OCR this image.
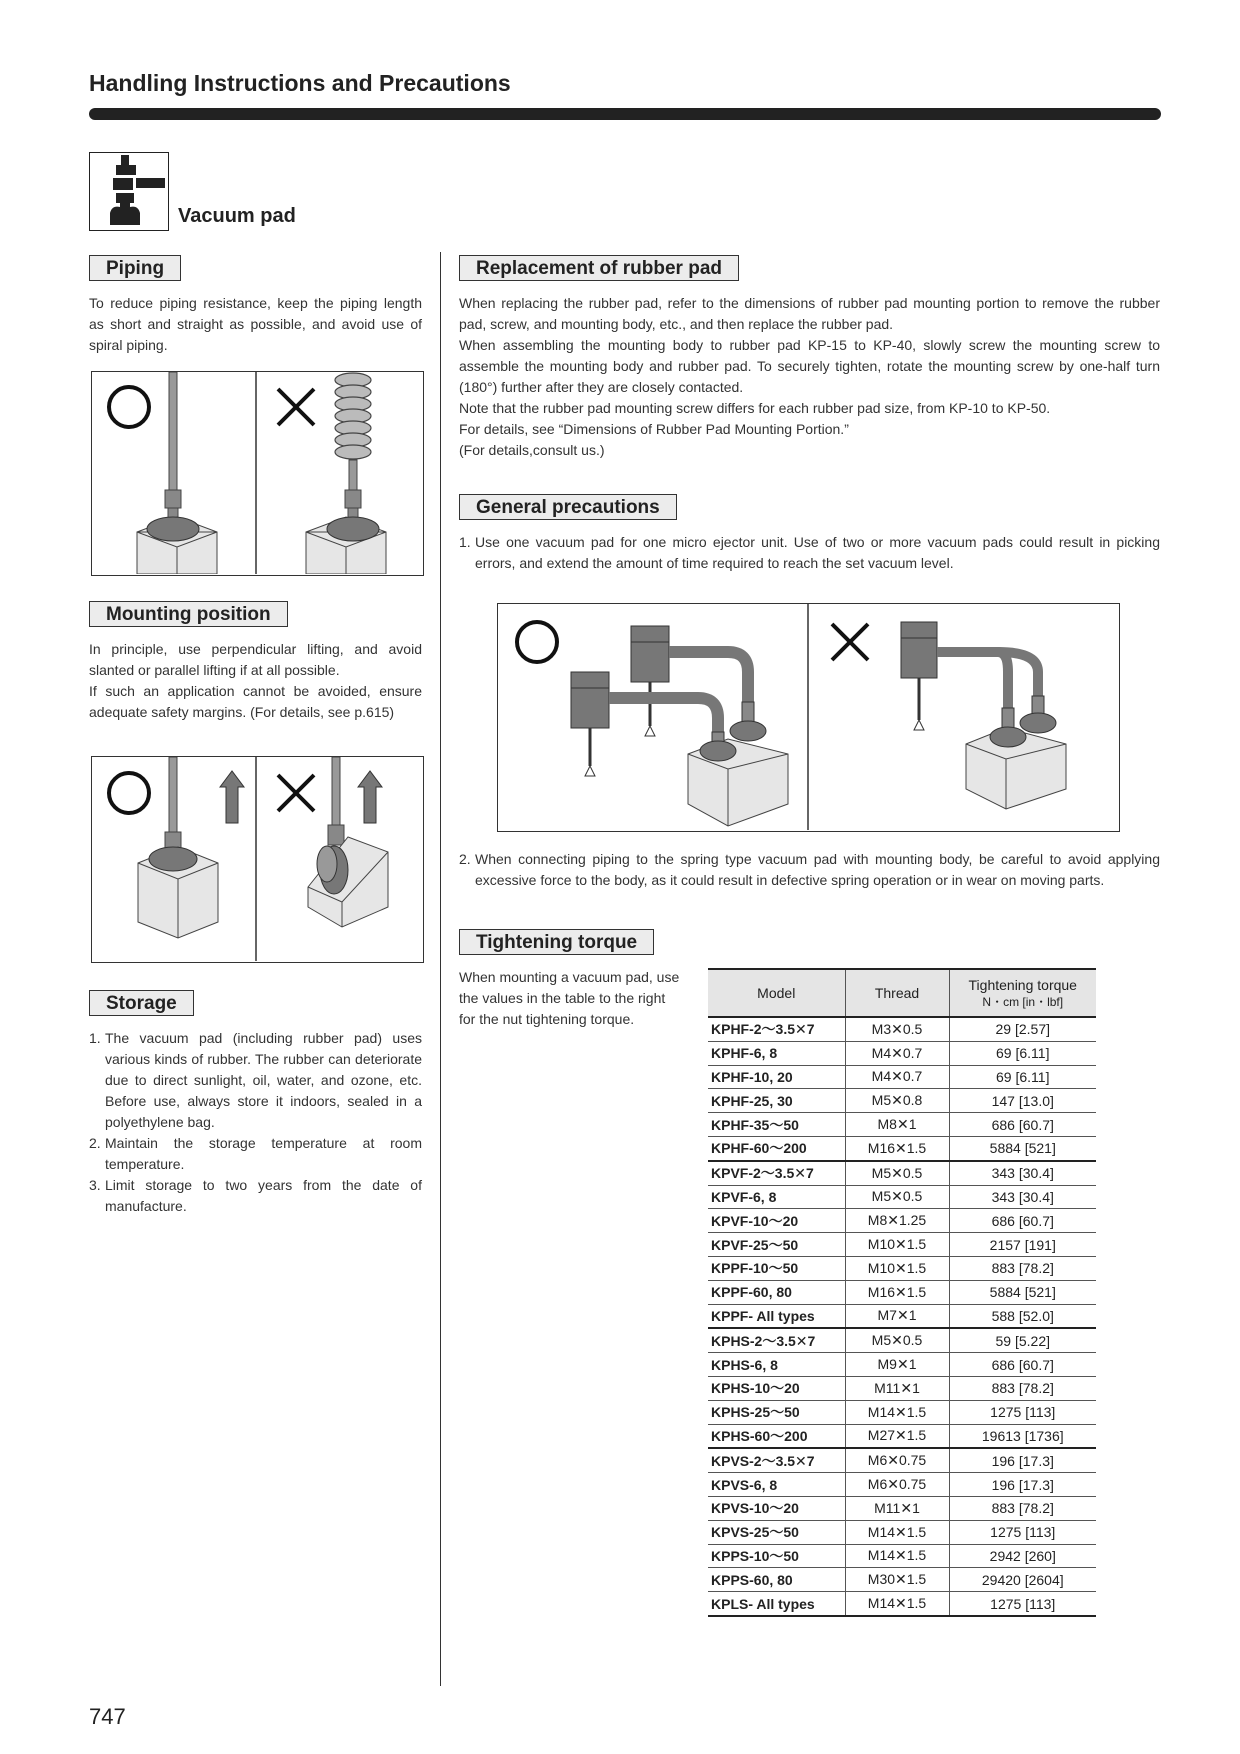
Handling Instructions and Precautions
Vacuum pad
Piping
To reduce piping resistance, keep the piping length as short and straight as possible, and avoid use of spiral piping.
Mounting position

In principle, use perpendicular lifting, and avoid slanted or parallel lifting if at all possible.

If such an application cannot be avoided, ensure adequate safety margins. (For details, see p.615)

Storage
1. The vacuum pad (including rubber pad) uses various kinds of rubber. The rubber can deteriorate due to direct sunlight, oil, water, and ozone, etc. Before use, always store it indoors, sealed in a polyethylene bag.
2. Maintain the storage temperature at room temperature.
3. Limit storage to two years from the date of manufacture.
Replacement of rubber pad

When replacing the rubber pad, refer to the dimensions of rubber pad mounting portion to remove the rubber pad, screw, and mounting body, etc., and then replace the rubber pad.

When assembling the mounting body to rubber pad KP-15 to KP-40, slowly screw the mounting screw to assemble the mounting body and rubber pad. To securely tighten, rotate the mounting screw by one-half turn (180°) further after they are closely contacted.

Note that the rubber pad mounting screw differs for each rubber pad size, from KP-10 to KP-50.

For details, see “Dimensions of Rubber Pad Mounting Portion.”

(For details,consult us.)

General precautions
1. Use one vacuum pad for one micro ejector unit. Use of two or more vacuum pads could result in picking errors, and extend the amount of time required to reach the set vacuum level.
2. When connecting piping to the spring type vacuum pad with mounting body, be careful to avoid applying excessive force to the body, as it could result in defective spring operation or in wear on moving parts.
Tightening torque
When mounting a vacuum pad, use the values in the table to the right for the nut tightening torque.
Model	Thread	Tightening torque
N・cm [in・lbf]

KPHF-2～3.5✕7	M3✕0.5	29 [2.57]
KPHF-6, 8	M4✕0.7	69 [6.11]
KPHF-10, 20	M4✕0.7	69 [6.11]
KPHF-25, 30	M5✕0.8	147 [13.0]
KPHF-35～50	M8✕1	686 [60.7]
KPHF-60～200	M16✕1.5	5884 [521]
KPVF-2～3.5✕7	M5✕0.5	343 [30.4]
KPVF-6, 8	M5✕0.5	343 [30.4]
KPVF-10～20	M8✕1.25	686 [60.7]
KPVF-25～50	M10✕1.5	2157 [191]
KPPF-10～50	M10✕1.5	883 [78.2]
KPPF-60, 80	M16✕1.5	5884 [521]
KPPF- All types	M7✕1	588 [52.0]
KPHS-2～3.5✕7	M5✕0.5	59 [5.22]
KPHS-6, 8	M9✕1	686 [60.7]
KPHS-10～20	M11✕1	883 [78.2]
KPHS-25～50	M14✕1.5	1275 [113]
KPHS-60～200	M27✕1.5	19613 [1736]
KPVS-2～3.5✕7	M6✕0.75	196 [17.3]
KPVS-6, 8	M6✕0.75	196 [17.3]
KPVS-10～20	M11✕1	883 [78.2]
KPVS-25～50	M14✕1.5	1275 [113]
KPPS-10～50	M14✕1.5	2942 [260]
KPPS-60, 80	M30✕1.5	29420 [2604]
KPLS- All types	M14✕1.5	1275 [113]
747
